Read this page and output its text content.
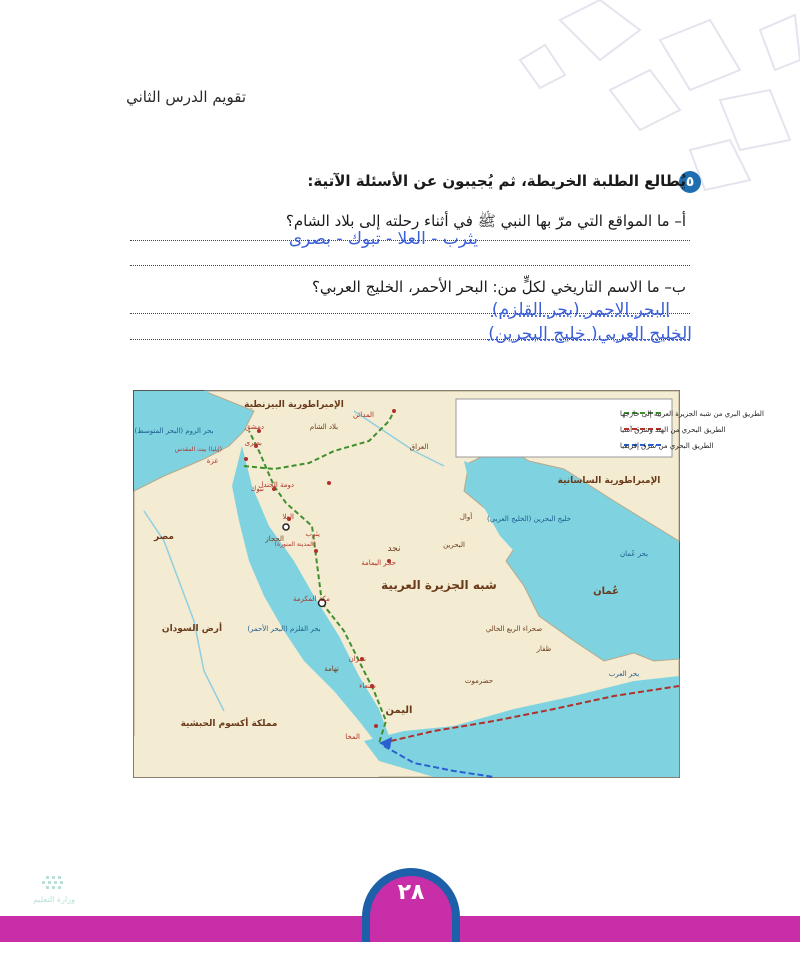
تقويم الدرس الثاني
٥
يُطالع الطلبة الخريطة، ثم يُجيبون عن الأسئلة الآتية:
أ– ما المواقع التي مرّ بها النبي ﷺ في أثناء رحلته إلى بلاد الشام؟
يثرب - العلا - تبوك - بصرى
ب– ما الاسم التاريخي لكلٍّ من: البحر الأحمر، الخليج العربي؟
البحر الاحمر (بحر القلزم)
الخليج العربي( خليج البحرين)
الطريق البري من شبه الجزيرة العربية إلى خارجها
الطريق البحري من الهند وشرق آسيا
الطريق البحري من شرق إفريقيا
الإمبراطورية البيزنطية
الإمبراطورية الساسانية
مصر
أرض السودان
مملكة أكسوم الحبشية
شبه الجزيرة العربية	عُمان
اليمن
بلاد الشام
العراق
نجد	البحرين
حضرموت
ظفار
صحراء الربع الخالي
أوال
بحر الروم (البحر المتوسط)
بحر القلزم (البحر الأحمر)
خليج البحرين (الخليج العربي)
بحر عُمان
بحر العرب
دمشق
بصرى
(إيليا) بيت المقدس
غزة
المدائن
دومة الجندل
تبوك
العلا
يثرب
(المدينة المنورة)
مكة المكرمة
حجر اليمامة
نجران
صنعاء
المخا
الحجاز
تهامة
وزارة التعليم	٢٨
